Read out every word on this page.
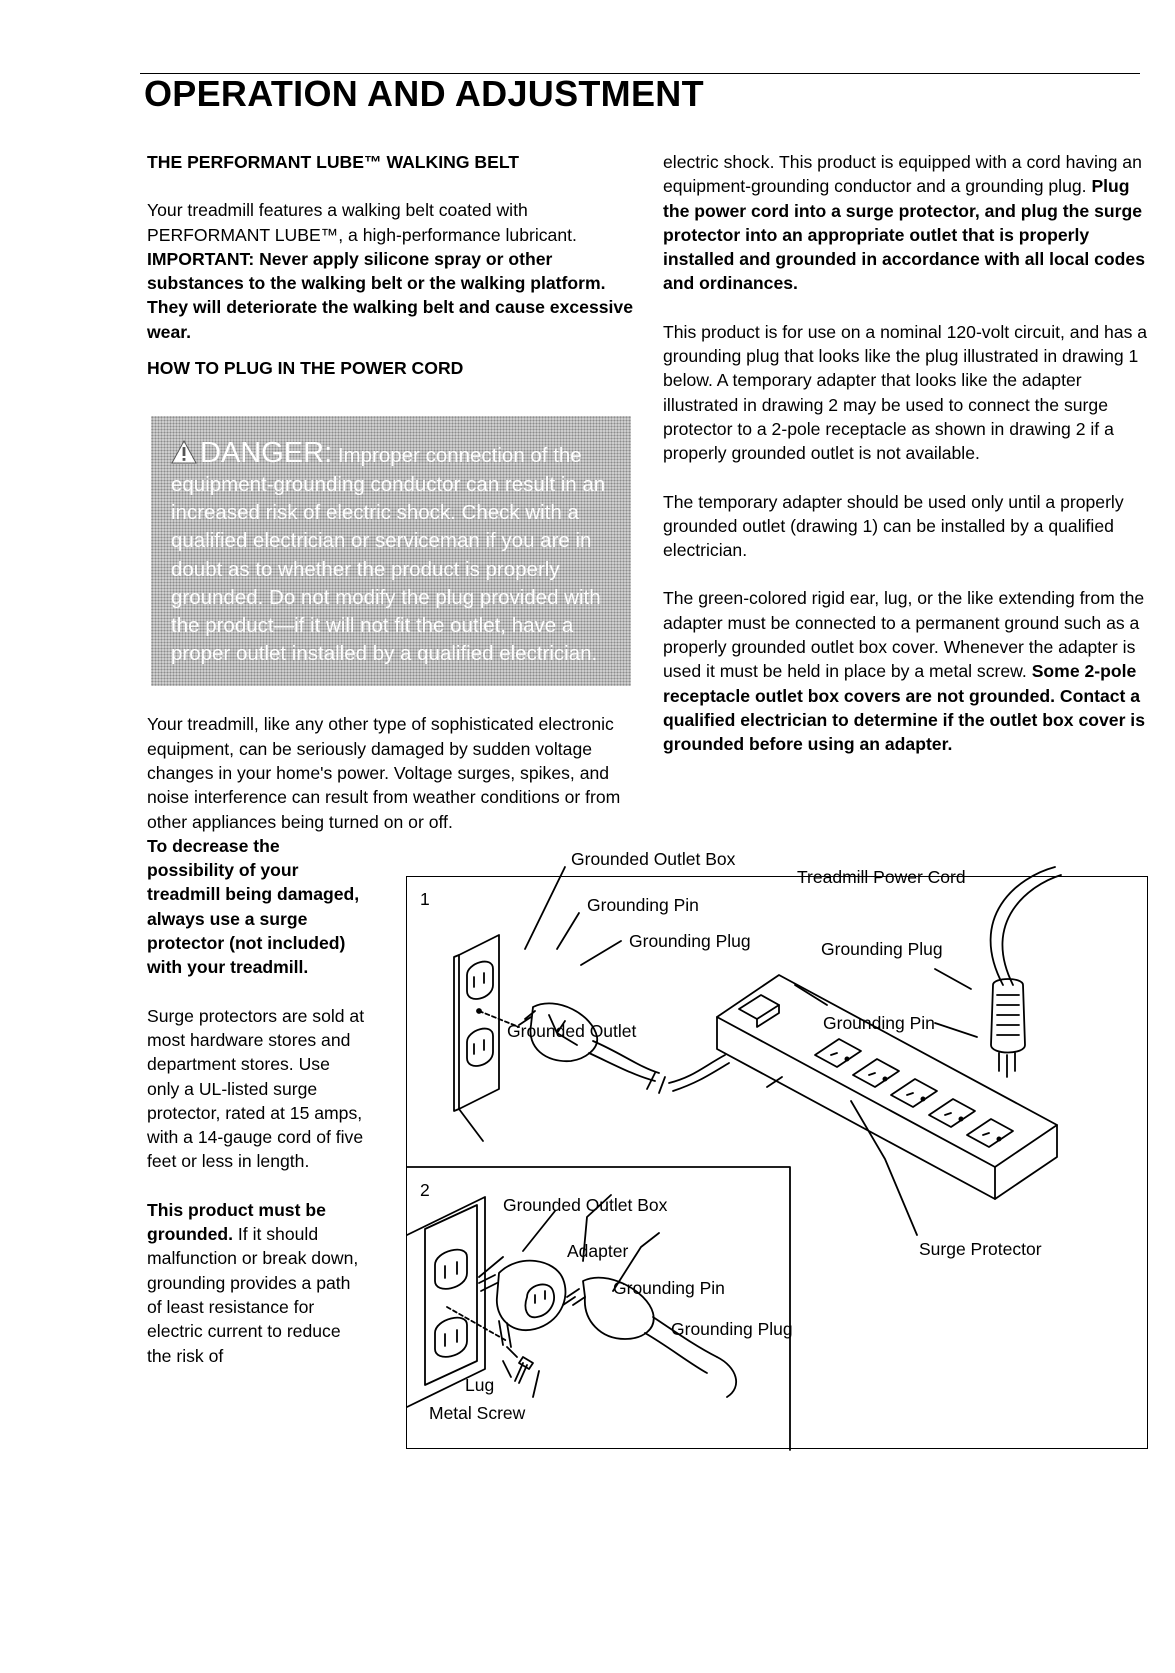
OPERATION AND ADJUSTMENT
THE PERFORMANT LUBE™ WALKING BELT

Your treadmill features a walking belt coated with PERFORMANT LUBE™, a high-performance lubricant.

IMPORTANT: Never apply silicone spray or other substances to the walking belt or the walking platform. They will deteriorate the walking belt and cause excessive wear.

HOW TO PLUG IN THE POWER CORD
DANGER: Improper connection of the equipment-grounding conductor can result in an increased risk of electric shock. Check with a qualified electrician or serviceman if you are in doubt as to whether the product is properly grounded. Do not modify the plug provided with the product—if it will not fit the outlet, have a proper outlet installed by a qualified electrician.

Your treadmill, like any other type of sophisticated electronic equipment, can be seriously damaged by sudden voltage changes in your home's power. Voltage surges, spikes, and noise interference can result from weather conditions or from other appliances being turned on or off.

To decrease the possibility of your treadmill being damaged, always use a surge protector (not included) with your treadmill.

Surge protectors are sold at most hardware stores and department stores. Use only a UL-listed surge protector, rated at 15 amps, with a 14-gauge cord of five feet or less in length.

This product must be grounded. If it should malfunction or break down, grounding provides a path of least resistance for electric current to reduce the risk of

electric shock. This product is equipped with a cord having an equipment-grounding conductor and a grounding plug. Plug the power cord into a surge protector, and plug the surge protector into an appropriate outlet that is properly installed and grounded in accordance with all local codes and ordinances.

This product is for use on a nominal 120-volt circuit, and has a grounding plug that looks like the plug illustrated in drawing 1 below. A temporary adapter that looks like the adapter illustrated in drawing 2 may be used to connect the surge protector to a 2-pole receptacle as shown in drawing 2 if a properly grounded outlet is not available.

The temporary adapter should be used only until a properly grounded outlet (drawing 1) can be installed by a qualified electrician.

The green-colored rigid ear, lug, or the like extending from the adapter must be connected to a permanent ground such as a properly grounded outlet box cover. Whenever the adapter is used it must be held in place by a metal screw. Some 2-pole receptacle outlet box covers are not grounded. Contact a qualified electrician to determine if the outlet box cover is grounded before using an adapter.

1
2
Grounded Outlet Box
Treadmill Power Cord
Grounding Pin
Grounding Plug	Grounding Plug
Grounding Pin
Grounded Outlet
Surge Protector
Grounded Outlet Box
Adapter
Grounding Pin
Grounding Plug
Lug
Metal Screw
